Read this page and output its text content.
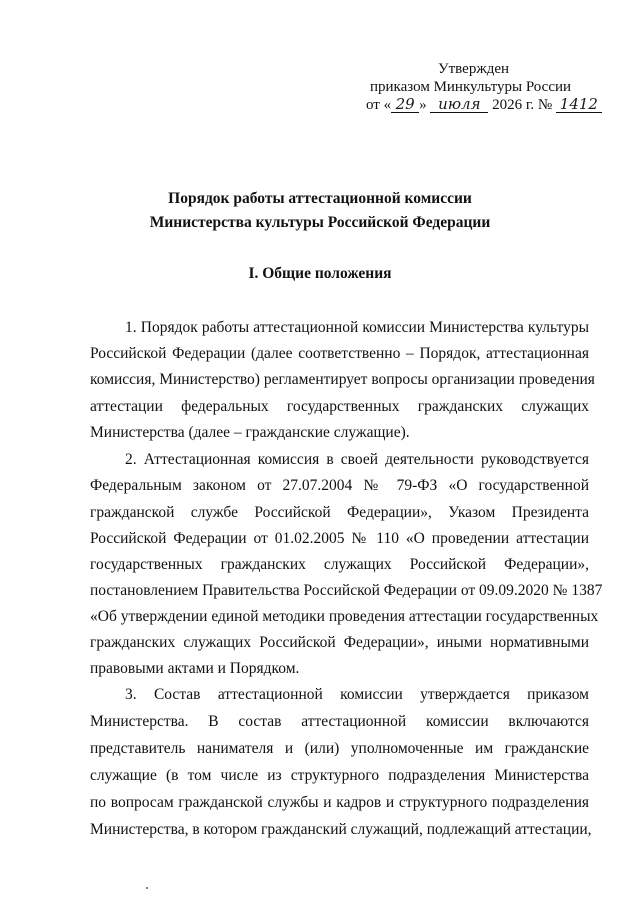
Утвержден
приказом Минкультуры России
от « 29 » июля 2026 г. № 1412
Порядок работы аттестационной комиссии
Министерства культуры Российской Федерации
I. Общие положения
1. Порядок работы аттестационной комиссии Министерства культуры
Российской Федерации (далее соответственно – Порядок, аттестационная
комиссия, Министерство) регламентирует вопросы организации проведения
аттестации федеральных государственных гражданских служащих
Министерства (далее – гражданские служащие).
2. Аттестационная комиссия в своей деятельности руководствуется
Федеральным законом от 27.07.2004 № 79-ФЗ «О государственной
гражданской службе Российской Федерации», Указом Президента
Российской Федерации от 01.02.2005 № 110 «О проведении аттестации
государственных гражданских служащих Российской Федерации»,
постановлением Правительства Российской Федерации от 09.09.2020 № 1387
«Об утверждении единой методики проведения аттестации государственных
гражданских служащих Российской Федерации», иными нормативными
правовыми актами и Порядком.
3. Состав аттестационной комиссии утверждается приказом
Министерства. В состав аттестационной комиссии включаются
представитель нанимателя и (или) уполномоченные им гражданские
служащие (в том числе из структурного подразделения Министерства
по вопросам гражданской службы и кадров и структурного подразделения
Министерства, в котором гражданский служащий, подлежащий аттестации,
